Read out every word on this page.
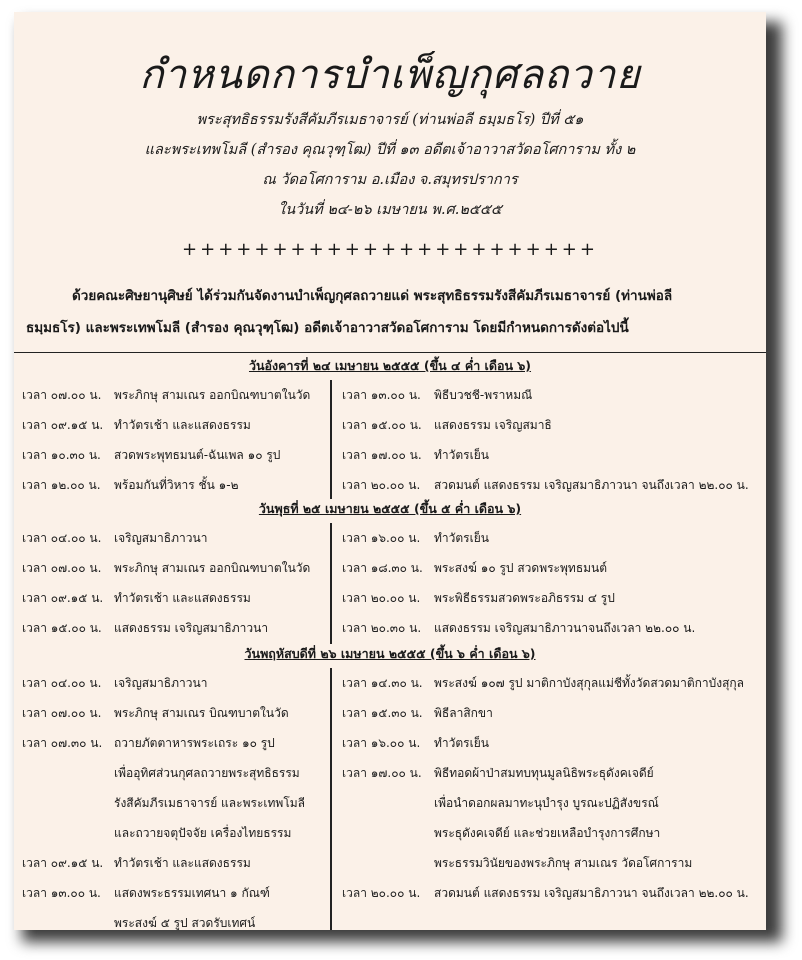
กำหนดการบำเพ็ญกุศลถวาย
พระสุทธิธรรมรังสีคัมภีรเมธาจารย์ (ท่านพ่อลี ธมฺมธโร) ปีที่ ๕๑
และพระเทพโมลี (สำรอง คุณวุฑฺโฒ) ปีที่ ๑๓ อดีตเจ้าอาวาสวัดอโศการาม ทั้ง ๒
ณ วัดอโศการาม อ.เมือง จ.สมุทรปราการ
ในวันที่ ๒๔-๒๖ เมษายน พ.ศ.๒๕๕๕
+++++++++++++++++++++++
ด้วยคณะศิษยานุศิษย์ ได้ร่วมกันจัดงานบำเพ็ญกุศลถวายแด่ พระสุทธิธรรมรังสีคัมภีรเมธาจารย์ (ท่านพ่อลี
ธมฺมธโร) และพระเทพโมลี (สำรอง คุณวุฑฺโฒ) อดีตเจ้าอาวาสวัดอโศการาม โดยมีกำหนดการดังต่อไปนี้
วันอังคารที่ ๒๔ เมษายน ๒๕๕๕ (ขึ้น ๔ ค่ำ เดือน ๖)
เวลา ๐๗.๐๐ น. พระภิกษุ สามเณร ออกบิณฑบาตในวัด
เวลา ๐๙.๑๕ น. ทำวัตรเช้า และแสดงธรรม
เวลา ๑๐.๓๐ น. สวดพระพุทธมนต์-ฉันเพล ๑๐ รูป
เวลา ๑๒.๐๐ น. พร้อมกันที่วิหาร ชั้น ๑-๒
เวลา ๑๓.๐๐ น. พิธีบวชชี-พราหมณี
เวลา ๑๕.๐๐ น. แสดงธรรม เจริญสมาธิ
เวลา ๑๗.๐๐ น. ทำวัตรเย็น
เวลา ๒๐.๐๐ น. สวดมนต์ แสดงธรรม เจริญสมาธิภาวนา จนถึงเวลา ๒๒.๐๐ น.
วันพุธที่ ๒๕ เมษายน ๒๕๕๕ (ขึ้น ๕ ค่ำ เดือน ๖)
เวลา ๐๔.๐๐ น. เจริญสมาธิภาวนา
เวลา ๐๗.๐๐ น. พระภิกษุ สามเณร ออกบิณฑบาตในวัด
เวลา ๐๙.๑๕ น. ทำวัตรเช้า และแสดงธรรม
เวลา ๑๕.๐๐ น. แสดงธรรม เจริญสมาธิภาวนา
เวลา ๑๖.๐๐ น. ทำวัตรเย็น
เวลา ๑๘.๓๐ น. พระสงฆ์ ๑๐ รูป สวดพระพุทธมนต์
เวลา ๒๐.๐๐ น. พระพิธีธรรมสวดพระอภิธรรม ๔ รูป
เวลา ๒๐.๓๐ น. แสดงธรรม เจริญสมาธิภาวนาจนถึงเวลา ๒๒.๐๐ น.
วันพฤหัสบดีที่ ๒๖ เมษายน ๒๕๕๕ (ขึ้น ๖ ค่ำ เดือน ๖)
เวลา ๐๔.๐๐ น. เจริญสมาธิภาวนา
เวลา ๐๗.๐๐ น. พระภิกษุ สามเณร บิณฑบาตในวัด
เวลา ๐๗.๓๐ น. ถวายภัตตาหารพระเถระ ๑๐ รูป
เพื่ออุทิศส่วนกุศลถวายพระสุทธิธรรม
รังสีคัมภีรเมธาจารย์ และพระเทพโมลี
และถวายจตุปัจจัย เครื่องไทยธรรม
เวลา ๐๙.๑๕ น. ทำวัตรเช้า และแสดงธรรม
เวลา ๑๓.๐๐ น. แสดงพระธรรมเทศนา ๑ กัณฑ์
พระสงฆ์ ๕ รูป สวดรับเทศน์
เวลา ๑๔.๓๐ น. พระสงฆ์ ๑๐๗ รูป มาติกาบังสุกุลแม่ชีทั้งวัดสวดมาติกาบังสุกุล
เวลา ๑๕.๓๐ น. พิธีลาสิกขา
เวลา ๑๖.๐๐ น. ทำวัตรเย็น
เวลา ๑๗.๐๐ น. พิธีทอดผ้าป่าสมทบทุนมูลนิธิพระธุดังคเจดีย์
เพื่อนำดอกผลมาทะนุบำรุง บูรณะปฏิสังขรณ์
พระธุดังคเจดีย์ และช่วยเหลือบำรุงการศึกษา
พระธรรมวินัยของพระภิกษุ สามเณร วัดอโศการาม
เวลา ๒๐.๐๐ น. สวดมนต์ แสดงธรรม เจริญสมาธิภาวนา จนถึงเวลา ๒๒.๐๐ น.
